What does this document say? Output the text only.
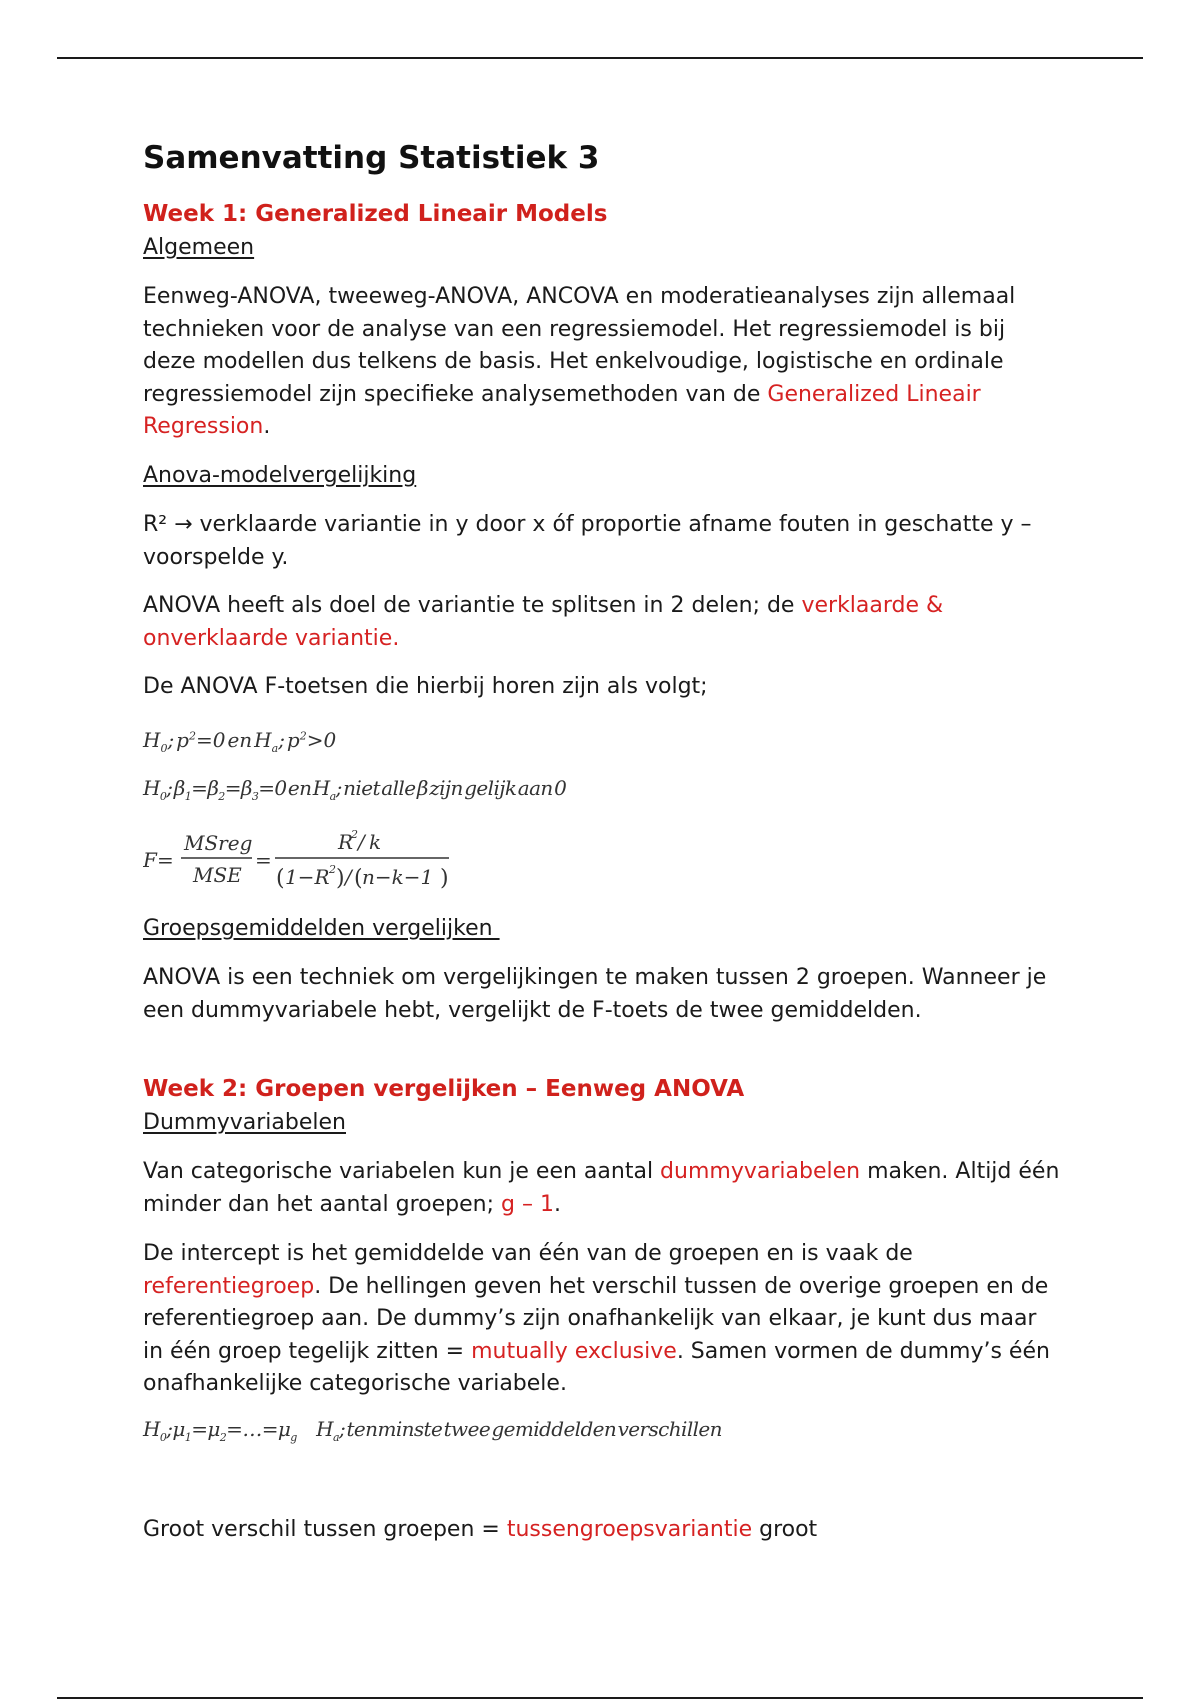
Samenvatting Statistiek 3
Week 1: Generalized Lineair Models
Algemeen
Eenweg-ANOVA, tweeweg-ANOVA, ANCOVA en moderatieanalyses zijn allemaal technieken voor de analyse van een regressiemodel. Het regressiemodel is bij deze modellen dus telkens de basis. Het enkelvoudige, logistische en ordinale regressiemodel zijn specifieke analysemethoden van de Generalized Lineair Regression.
Anova-modelvergelijking
R² → verklaarde variantie in y door x óf proportie afname fouten in geschatte y – voorspelde y.
ANOVA heeft als doel de variantie te splitsen in 2 delen; de verklaarde & onverklaarde variantie.
De ANOVA F-toetsen die hierbij horen zijn als volgt;
$H_0$; $p^2=0$ en $H_a$; $p^2>0$
$H_0$; $\beta_1=\beta_2=\beta_3=0$ en $H_a$; niet alle β zijn gelijk aan 0
F =
MSreg
MSE
=
R
2 / k
( 1−R 2 ) / ( n−k−1 )
Groepsgemiddelden vergelijken
ANOVA is een techniek om vergelijkingen te maken tussen 2 groepen. Wanneer je een dummyvariabele hebt, vergelijkt de F-toets de twee gemiddelden.
Week 2: Groepen vergelijken – Eenweg ANOVA
Dummyvariabelen
Van categorische variabelen kun je een aantal dummyvariabelen maken. Altijd één minder dan het aantal groepen; g – 1.
De intercept is het gemiddelde van één van de groepen en is vaak de referentiegroep. De hellingen geven het verschil tussen de overige groepen en de referentiegroep aan. De dummy’s zijn onafhankelijk van elkaar, je kunt dus maar in één groep tegelijk zitten = mutually exclusive. Samen vormen de dummy’s één onafhankelijke categorische variabele.
$H_0;\mu_1=\mu_2=\dots=\mu_g$ $H_a$; tenminste twee gemiddelden verschillen
Groot verschil tussen groepen = tussengroepsvariantie groot
